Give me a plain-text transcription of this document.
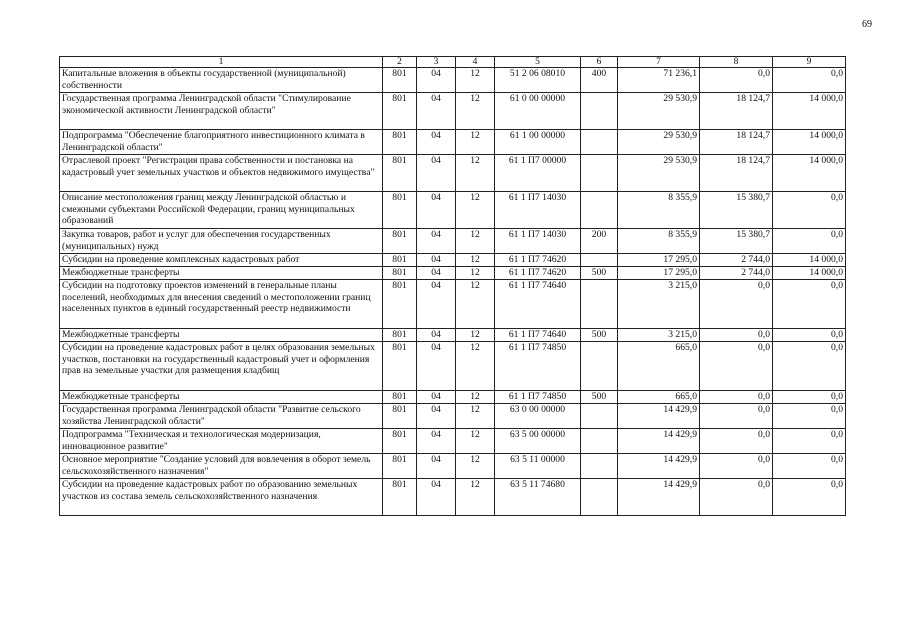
69
1	2	3	4	5	6	7	8	9
Капитальные вложения в объекты государственной (муниципальной) собственности	801	04	12	51 2 06 08010	400	71 236,1	0,0	0,0
Государственная программа Ленинградской области "Стимулирование экономической активности Ленинградской области"	801	04	12	61 0 00 00000		29 530,9	18 124,7	14 000,0
Подпрограмма "Обеспечение благоприятного инвестиционного климата в Ленинградской области"	801	04	12	61 1 00 00000		29 530,9	18 124,7	14 000,0
Отраслевой проект "Регистрация права собственности и постановка на кадастровый учет земельных участков и объектов недвижимого имущества"	801	04	12	61 1 П7 00000		29 530,9	18 124,7	14 000,0
Описание местоположения границ между Ленинградской областью и смежными субъектами Российской Федерации, границ муниципальных образований	801	04	12	61 1 П7 14030		8 355,9	15 380,7	0,0
Закупка товаров, работ и услуг для обеспечения государственных (муниципальных) нужд	801	04	12	61 1 П7 14030	200	8 355,9	15 380,7	0,0
Субсидии на проведение комплексных кадастровых работ	801	04	12	61 1 П7 74620		17 295,0	2 744,0	14 000,0
Межбюджетные трансферты	801	04	12	61 1 П7 74620	500	17 295,0	2 744,0	14 000,0
Субсидии на подготовку проектов изменений в генеральные планы поселений, необходимых для внесения сведений о местоположении границ населенных пунктов в единый государственный реестр недвижимости	801	04	12	61 1 П7 74640		3 215,0	0,0	0,0
Межбюджетные трансферты	801	04	12	61 1 П7 74640	500	3 215,0	0,0	0,0
Субсидии на проведение кадастровых работ в целях образования земельных участков, постановки на государственный кадастровый учет и оформления прав на земельные участки для размещения кладбищ	801	04	12	61 1 П7 74850		665,0	0,0	0,0
Межбюджетные трансферты	801	04	12	61 1 П7 74850	500	665,0	0,0	0,0
Государственная программа Ленинградской области "Развитие сельского хозяйства Ленинградской области"	801	04	12	63 0 00 00000		14 429,9	0,0	0,0
Подпрограмма "Техническая и технологическая модернизация, инновационное развитие"	801	04	12	63 5 00 00000		14 429,9	0,0	0,0
Основное мероприятие "Создание условий для вовлечения в оборот земель сельскохозяйственного назначения"	801	04	12	63 5 11 00000		14 429,9	0,0	0,0
Субсидии на проведение кадастровых работ по образованию земельных участков из состава земель сельскохозяйственного назначения	801	04	12	63 5 11 74680		14 429,9	0,0	0,0
